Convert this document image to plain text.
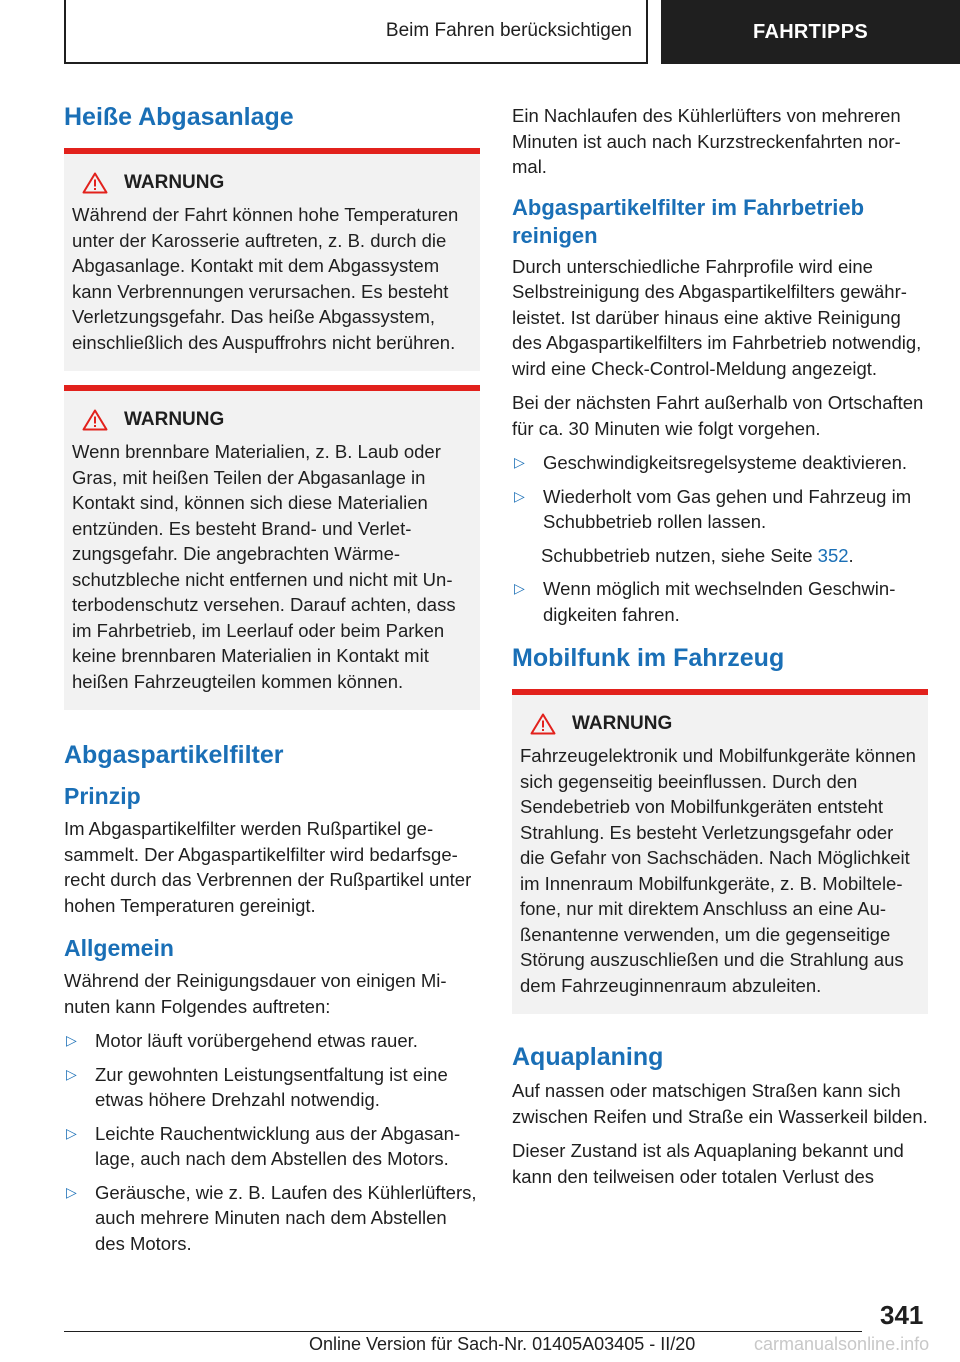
Beim Fahren berücksichtigen	FAHRTIPPS
Heiße Abgasanlage
WARNUNG
Während der Fahrt können hohe Temperaturen unter der Karosserie auftreten, z. B. durch die Abgasanlage. Kontakt mit dem Abgassystem kann Verbrennungen verursachen. Es besteht Verletzungsgefahr. Das heiße Abgassystem, einschließlich des Auspuffrohrs nicht berühren.
WARNUNG
Wenn brennbare Materialien, z. B. Laub oder Gras, mit heißen Teilen der Abgasanlage in Kontakt sind, können sich diese Materialien entzünden. Es besteht Brand- und Verletzungsgefahr. Die angebrachten Wärmeschutzbleche nicht entfernen und nicht mit Unterbodenschutz versehen. Darauf achten, dass im Fahrbetrieb, im Leerlauf oder beim Parken keine brennbaren Materialien in Kontakt mit heißen Fahrzeugteilen kommen können.
Abgaspartikelfilter
Prinzip
Im Abgaspartikelfilter werden Rußpartikel gesammelt. Der Abgaspartikelfilter wird bedarfsgerecht durch das Verbrennen der Rußpartikel unter hohen Temperaturen gereinigt.
Allgemein
Während der Reinigungsdauer von einigen Minuten kann Folgendes auftreten:
▷ Motor läuft vorübergehend etwas rauer.
▷ Zur gewohnten Leistungsentfaltung ist eine etwas höhere Drehzahl notwendig.
▷ Leichte Rauchentwicklung aus der Abgasanlage, auch nach dem Abstellen des Motors.
▷ Geräusche, wie z. B. Laufen des Kühlerlüfters, auch mehrere Minuten nach dem Abstellen des Motors.
Ein Nachlaufen des Kühlerlüfters von mehreren Minuten ist auch nach Kurzstreckenfahrten normal.
Abgaspartikelfilter im Fahrbetrieb reinigen
Durch unterschiedliche Fahrprofile wird eine Selbstreinigung des Abgaspartikelfilters gewährleistet. Ist darüber hinaus eine aktive Reinigung des Abgaspartikelfilters im Fahrbetrieb notwendig, wird eine Check-Control-Meldung angezeigt.
Bei der nächsten Fahrt außerhalb von Ortschaften für ca. 30 Minuten wie folgt vorgehen.
▷ Geschwindigkeitsregelsysteme deaktivieren.
▷ Wiederholt vom Gas gehen und Fahrzeug im Schubbetrieb rollen lassen.
Schubbetrieb nutzen, siehe Seite 352.
▷ Wenn möglich mit wechselnden Geschwindigkeiten fahren.
Mobilfunk im Fahrzeug
WARNUNG
Fahrzeugelektronik und Mobilfunkgeräte können sich gegenseitig beeinflussen. Durch den Sendebetrieb von Mobilfunkgeräten entsteht Strahlung. Es besteht Verletzungsgefahr oder die Gefahr von Sachschäden. Nach Möglichkeit im Innenraum Mobilfunkgeräte, z. B. Mobiltelefone, nur mit direktem Anschluss an eine Außenantenne verwenden, um die gegenseitige Störung auszuschließen und die Strahlung aus dem Fahrzeuginnenraum abzuleiten.
Aquaplaning
Auf nassen oder matschigen Straßen kann sich zwischen Reifen und Straße ein Wasserkeil bilden.
Dieser Zustand ist als Aquaplaning bekannt und kann den teilweisen oder totalen Verlust des
341
Online Version für Sach-Nr. 01405A03405 - II/20	carmanualsonline.info
